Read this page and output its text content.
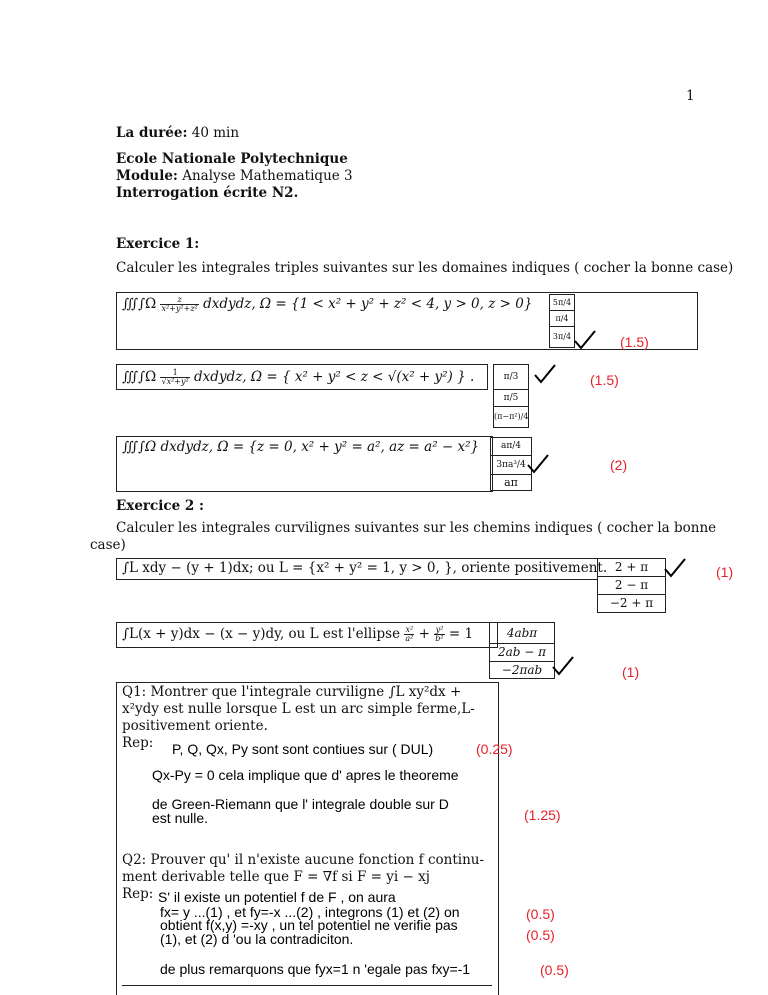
1
La durée: 40 min
Ecole Nationale Polytechnique
Module: Analyse Mathematique 3
Interrogation écrite N2.
Exercice 1:
Calculer les integrales triples suivantes sur les domaines indiques ( cocher la bonne case)
∭∫Ω $\frac{z}{\text{x²+y²+z²}}$ dxdydz, Ω = {1 < x² + y² + z² < 4, y > 0, z > 0}	5π/4
π/4
3π/4	(1.5)
∭∫Ω $\frac{1}{\text{√x²+y²}}$ dxdydz, Ω = { x² + y² < z < √(x² + y²) } .	π/3
π/5
(π−π²)/4
(1.5)
∭∫Ω dxdydz, Ω = {z = 0, x² + y² = a², az = a² − x²}	aπ/4
3πa³/4
aπ
(2)
Exercice 2 :
Calculer les integrales curvilignes suivantes sur les chemins indiques ( cocher la bonne
case)
∫L xdy − (y + 1)dx; ou L = {x² + y² = 1, y > 0, }, oriente positivement. 2 + π
2 − π
−2 + π
(1)
∫L(x + y)dx − (x − y)dy, ou L est l'ellipse $\frac{\text{x²}}{\text{a²}} + \frac{\text{y²}}{\text{b²}} = 1$	4abπ
2ab − π
−2πab	(1)
Q1: Montrer que l'integrale curviligne ∫L xy²dx +
x²ydy est nulle lorsque L est un arc simple ferme,L-
positivement oriente.
Rep: P, Q, Qx, Py sont sont contiues sur ( DUL)	(0.25)
Qx-Py = 0 cela implique que d' apres le theoreme
de Green-Riemann que l' integrale double sur D
est nulle.	(1.25)
Q2: Prouver qu' il n'existe aucune fonction f continu-
ment derivable telle que F = ∇f si F = yi − xj
Rep: S' il existe un potentiel f de F , on aura
fx= y ...(1) , et fy=-x ...(2) , integrons (1) et (2) on
obtient f(x,y) =-xy , un tel potentiel ne verifie pas
(1), et (2) d 'ou la contradiciton.
de plus remarquons que fyx=1 n 'egale pas fxy=-1
(0.5)
(0.5)
(0.5)
